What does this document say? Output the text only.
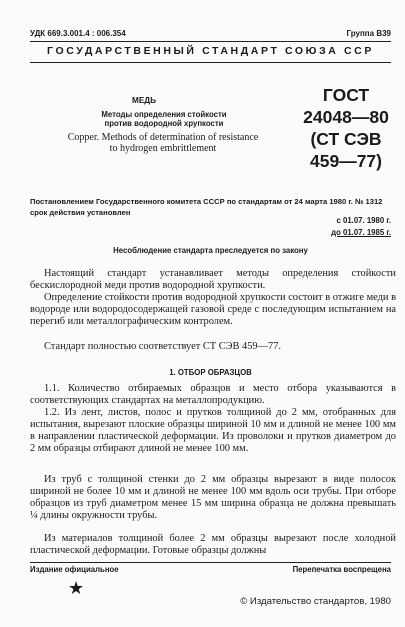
УДК 669.3.001.4 : 006.354	Группа В39
ГОСУДАРСТВЕННЫЙ СТАНДАРТ СОЮЗА ССР
МЕДЬ
Методы определения стойкости
против водородной хрупкости
Copper. Methods of determination of resistance
to hydrogen embrittlement
ГОСТ
24048—80
(СТ СЭВ
459—77)
Постановлением Государственного комитета СССР по стандартам от 24 марта 1980 г. № 1312 срок действия установлен
с 01.07. 1980 г.
до 01.07. 1985 г.
Несоблюдение стандарта преследуется по закону
Настоящий стандарт устанавливает методы определения стойкости бескислородной меди против водородной хрупкости.
Определение стойкости против водородной хрупкости состоит в отжиге меди в водороде или водородосодержащей газовой среде с последующим испытанием на перегиб или металлографическим контролем.
Стандарт полностью соответствует СТ СЭВ 459—77.
1. ОТБОР ОБРАЗЦОВ
1.1. Количество отбираемых образцов и место отбора указываются в соответствующих стандартах на металлопродукцию.
1.2. Из лент, листов, полос и прутков толщиной до 2 мм, отобранных для испытания, вырезают плоские образцы шириной 10 мм и длиной не менее 100 мм в направлении пластической деформации. Из проволоки и прутков диаметром до 2 мм образцы отбирают длиной не менее 100 мм.
Из труб с толщиной стенки до 2 мм образцы вырезают в виде полосок шириной не более 10 мм и длиной не менее 100 мм вдоль оси трубы. При отборе образцов из труб диаметром менее 15 мм ширина образца не должна превышать ¼ длины окружности трубы.
Из материалов толщиной более 2 мм образцы вырезают после холодной пластической деформации. Готовые образцы должны
Издание официальное	Перепечатка воспрещена
★
© Издательство стандартов, 1980
